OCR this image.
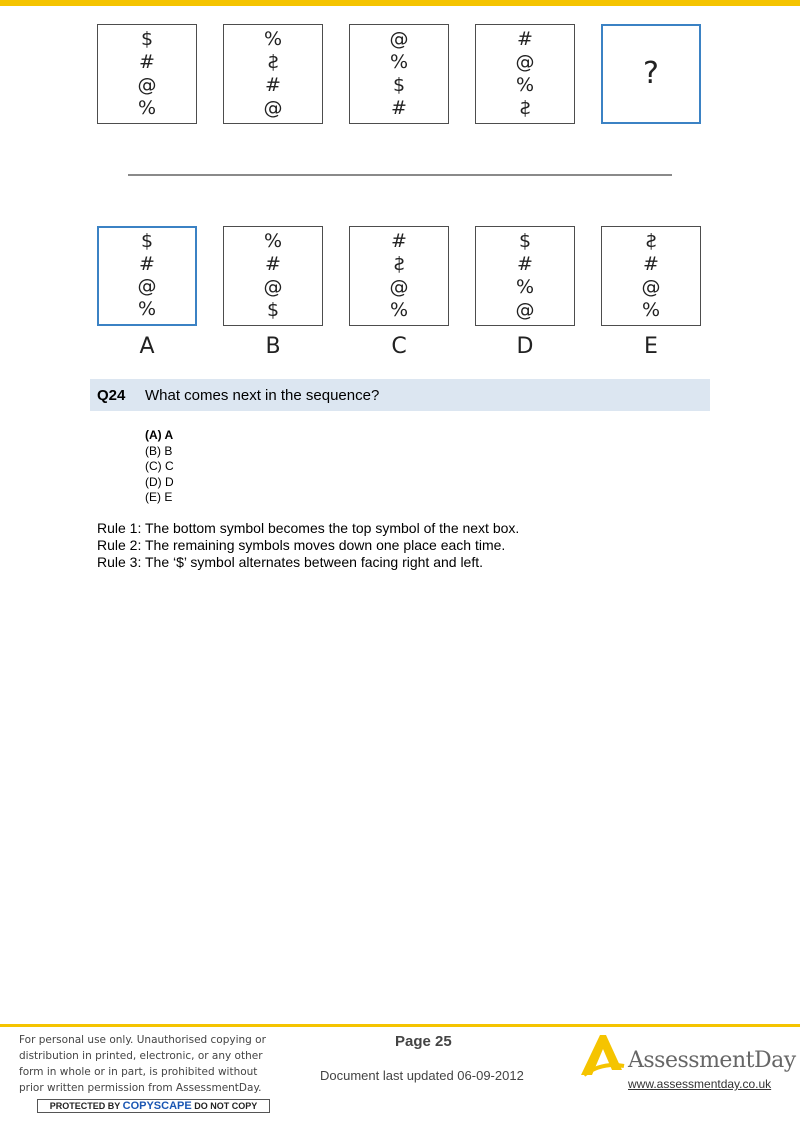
$
#
@
%
%
$
#
@
@
%
$
#
#
@
%
$
?
$
#
@
%
%
#
@
$
#
$
@
%
$
#
%
@
$
#
@
%
A	B	C	D	E
Q24	What comes next in the sequence?
(A) A
(B) B
(C) C
(D) D
(E) E
Rule 1: The bottom symbol becomes the top symbol of the next box.
Rule 2: The remaining symbols moves down one place each time.
Rule 3: The ‘$’ symbol alternates between facing right and left.
For personal use only. Unauthorised copying or
distribution in printed, electronic, or any other
form in whole or in part, is prohibited without
prior written permission from AssessmentDay.
PROTECTED BY COPYSCAPE DO NOT COPY
Page 25
Document last updated 06-09-2012
AssessmentDay
www.assessmentday.co.uk
